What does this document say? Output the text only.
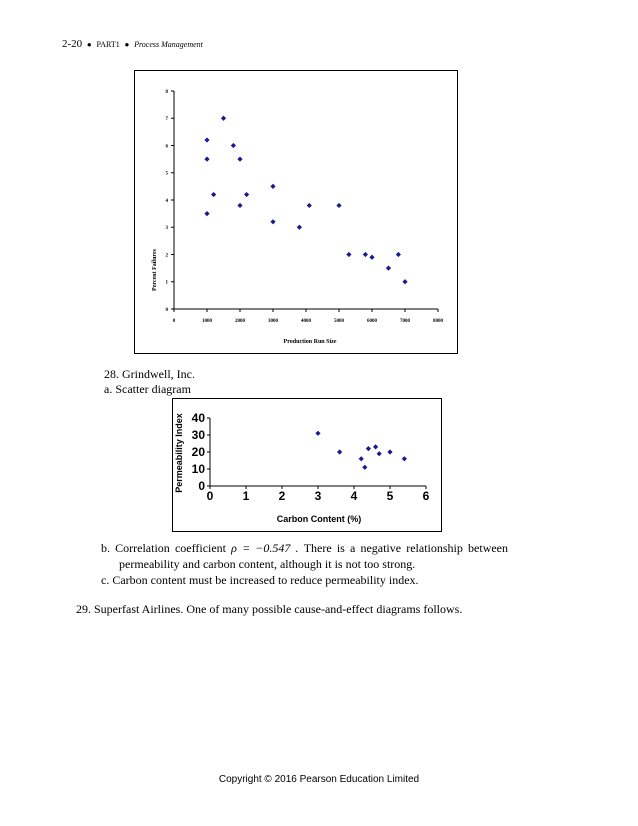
2-20 ● PART1 ● Process Management
0
1
2
3
4
5
6
7
8
0	1000	2000	3000	4000	5000	6000	7000	8000
Production Run Size
Percent Failures
28. Grindwell, Inc.
a. Scatter diagram
0
10
20
30
40
0 1 2 3 4 5 6
Carbon Content (%)
Permeability Index
b. Correlation coefficient ρ = −0.547 . There is a negative relationship between
permeability and carbon content, although it is not too strong.
c. Carbon content must be increased to reduce permeability index.
29. Superfast Airlines. One of many possible cause-and-effect diagrams follows.
Copyright © 2016 Pearson Education Limited
